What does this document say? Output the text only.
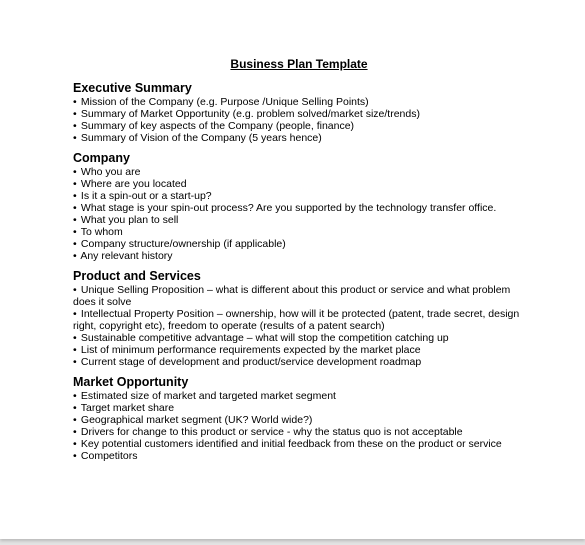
Business Plan Template
Executive Summary
• Mission of the Company (e.g. Purpose /Unique Selling Points)
• Summary of Market Opportunity (e.g. problem solved/market size/trends)
• Summary of key aspects of the Company (people, finance)
• Summary of Vision of the Company (5 years hence)
Company
• Who you are
• Where are you located
• Is it a spin-out or a start-up?
• What stage is your spin-out process? Are you supported by the technology transfer office.
• What you plan to sell
• To whom
• Company structure/ownership (if applicable)
• Any relevant history
Product and Services
• Unique Selling Proposition – what is different about this product or service and what problem does it solve
• Intellectual Property Position – ownership, how will it be protected (patent, trade secret, design right, copyright etc), freedom to operate (results of a patent search)
• Sustainable competitive advantage – what will stop the competition catching up
• List of minimum performance requirements expected by the market place
• Current stage of development and product/service development roadmap
Market Opportunity
• Estimated size of market and targeted market segment
• Target market share
• Geographical market segment (UK? World wide?)
• Drivers for change to this product or service - why the status quo is not acceptable
• Key potential customers identified and initial feedback from these on the product or service
• Competitors
